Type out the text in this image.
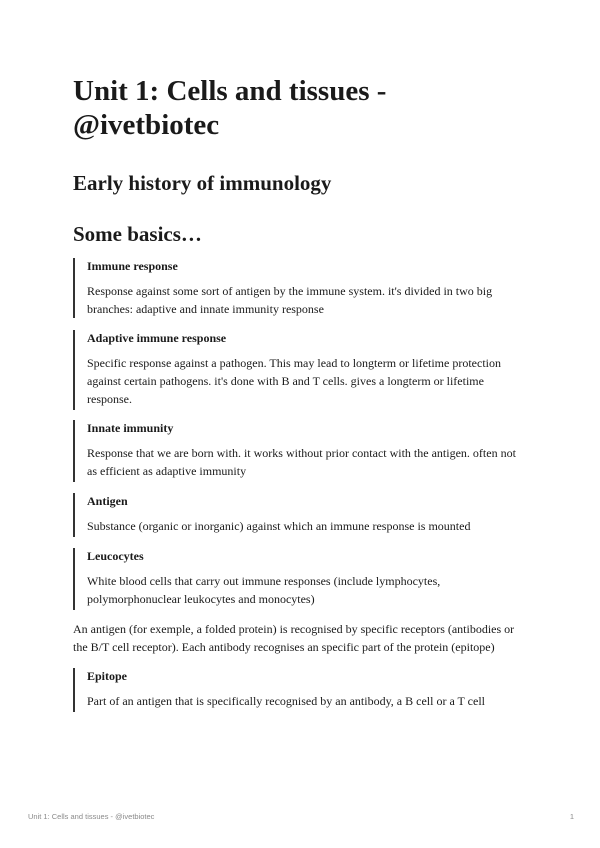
Unit 1: Cells and tissues - @ivetbiotec
Early history of immunology
Some basics…

Immune response

Response against some sort of antigen by the immune system. it's divided in two big branches: adaptive and innate immunity response

Adaptive immune response

Specific response against a pathogen. This may lead to longterm or lifetime protection against certain pathogens. it's done with B and T cells. gives a longterm or lifetime response.

Innate immunity

Response that we are born with. it works without prior contact with the antigen. often not as efficient as adaptive immunity

Antigen

Substance (organic or inorganic) against which an immune response is mounted

Leucocytes

White blood cells that carry out immune responses (include lymphocytes, polymorphonuclear leukocytes and monocytes)

An antigen (for exemple, a folded protein) is recognised by specific receptors (antibodies or the B/T cell receptor). Each antibody recognises an specific part of the protein (epitope)

Epitope

Part of an antigen that is specifically recognised by an antibody, a B cell or a T cell

Unit 1: Cells and tissues - @ivetbiotec	1
